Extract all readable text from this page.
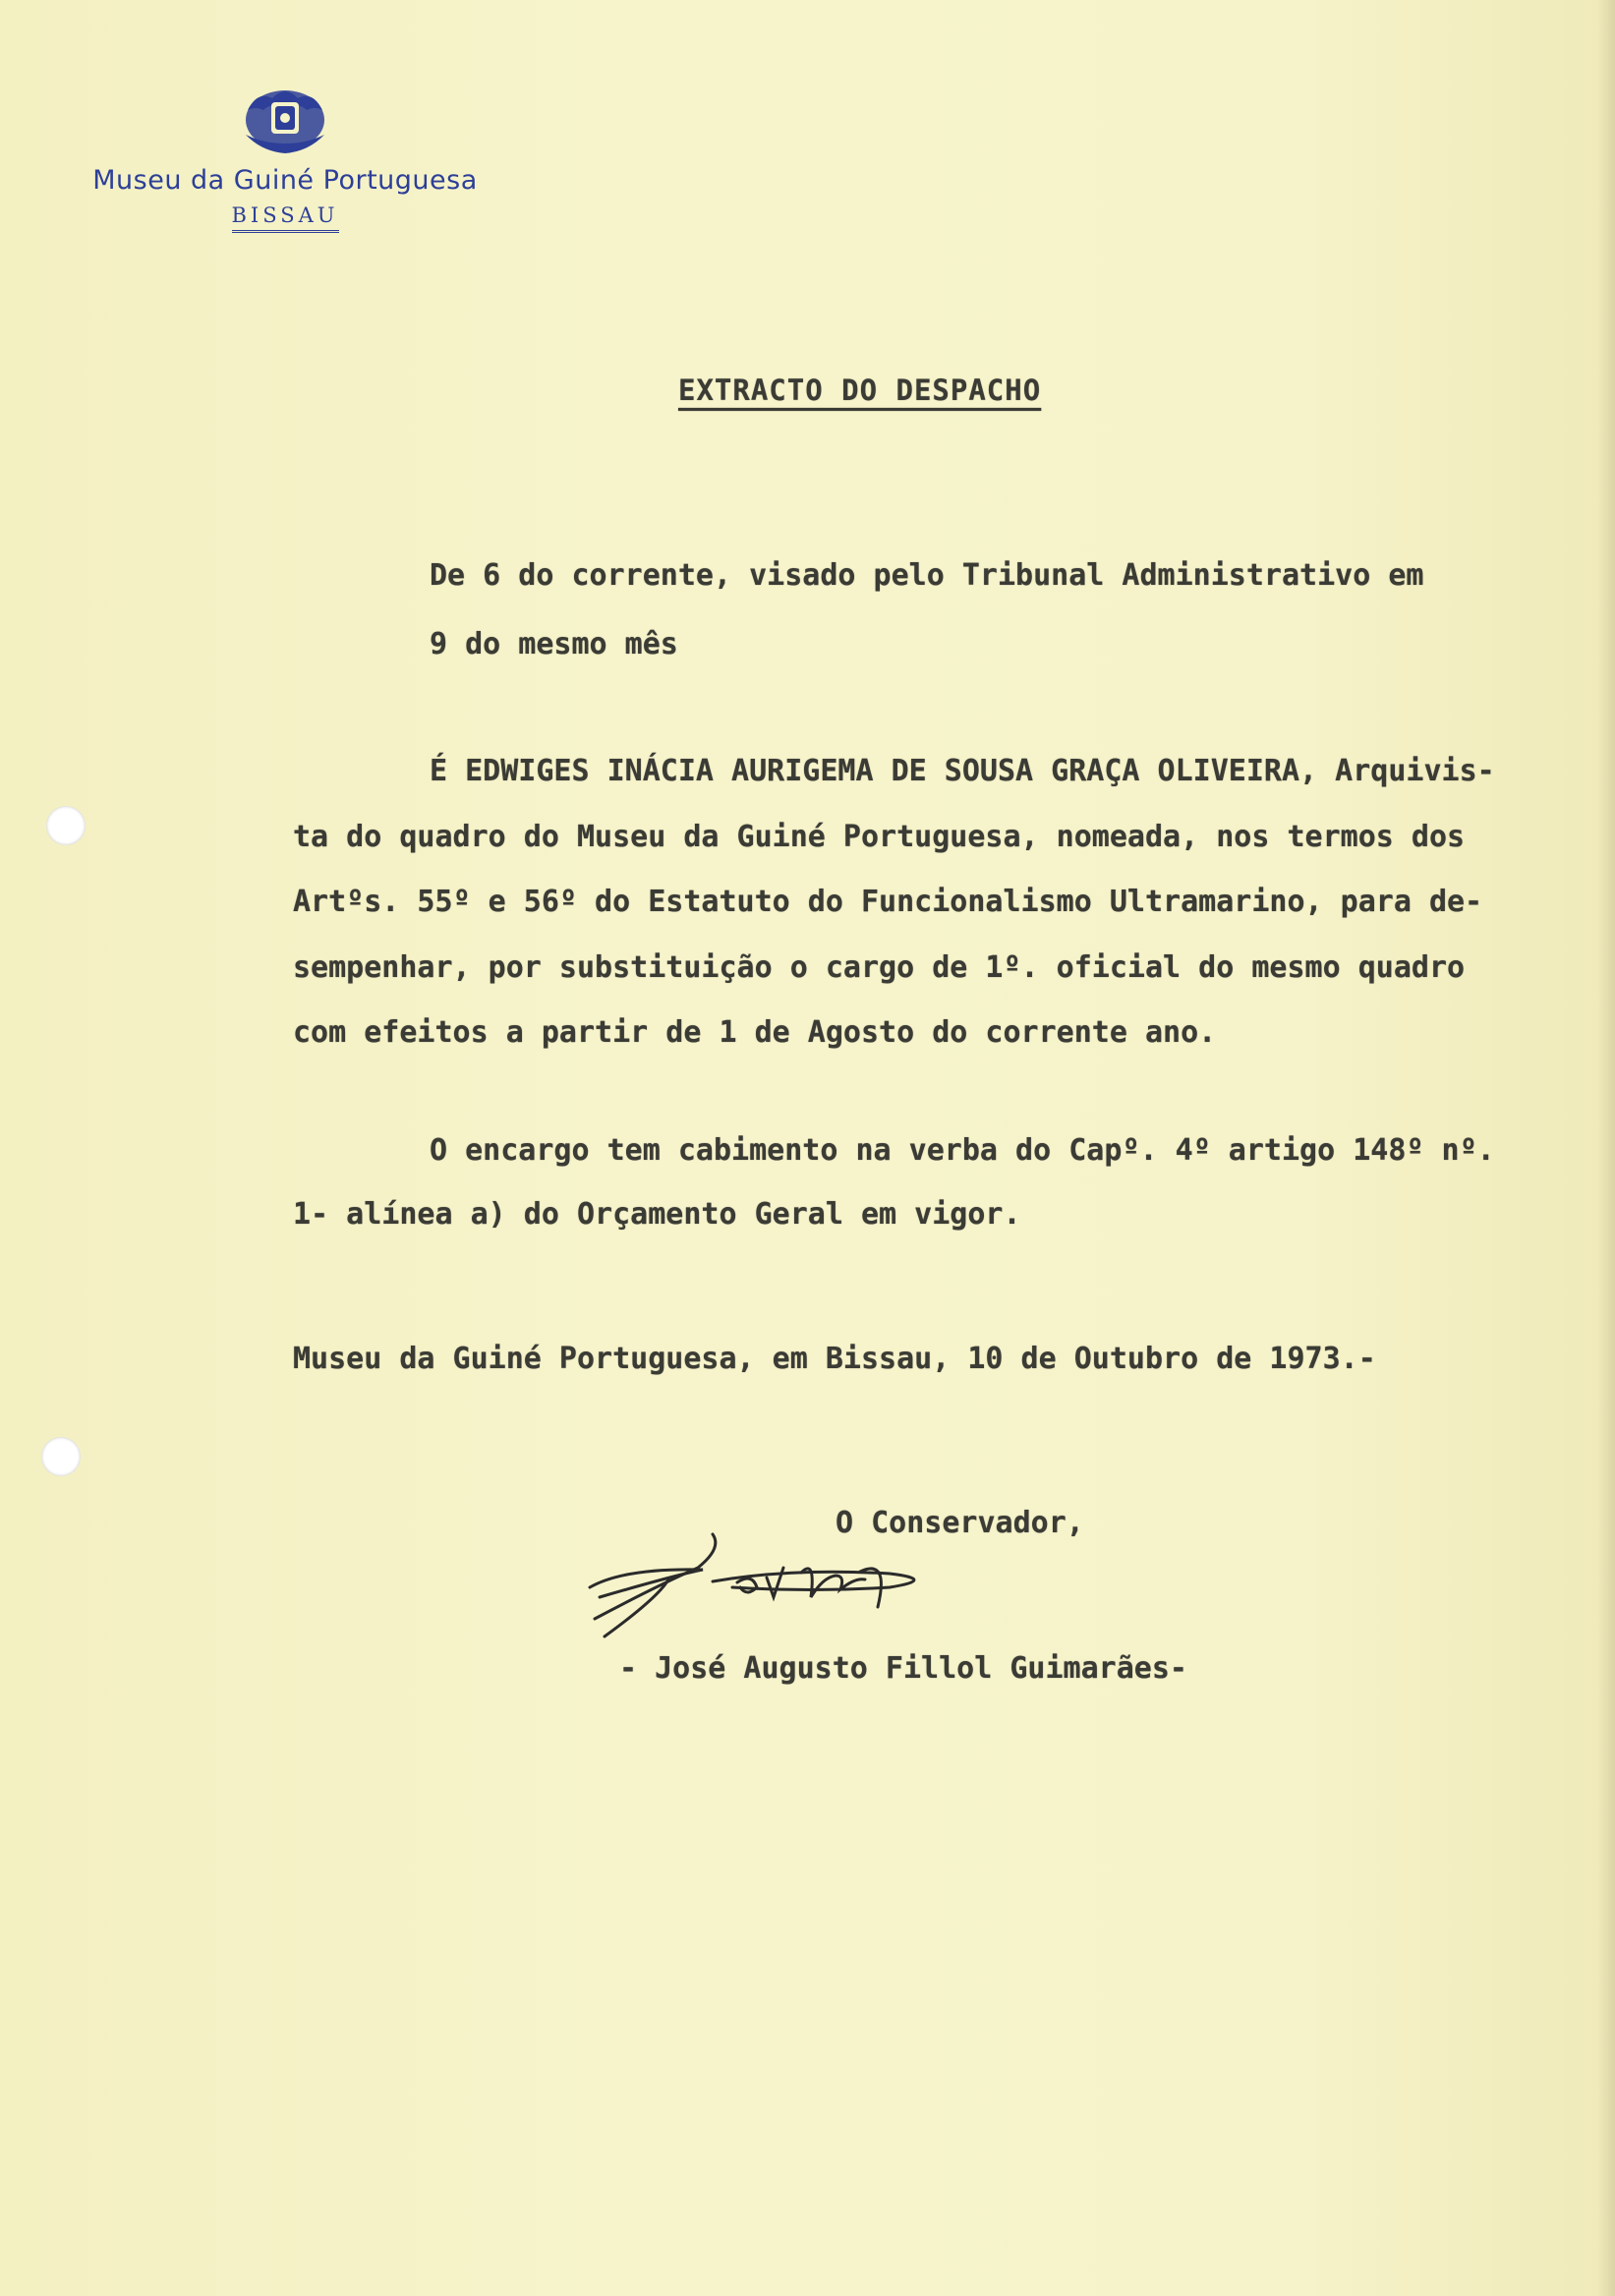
Museu da Guiné Portuguesa
BISSAU
EXTRACTO DO DESPACHO
De 6 do corrente, visado pelo Tribunal Administrativo em
9 do mesmo mês
É EDWIGES INÁCIA AURIGEMA DE SOUSA GRAÇA OLIVEIRA, Arquivis-
ta do quadro do Museu da Guiné Portuguesa, nomeada, nos termos dos
Artºs. 55º e 56º do Estatuto do Funcionalismo Ultramarino, para de-
sempenhar, por substituição o cargo de 1º. oficial do mesmo quadro
com efeitos a partir de 1 de Agosto do corrente ano.
O encargo tem cabimento na verba do Capº. 4º artigo 148º nº.
1- alínea a) do Orçamento Geral em vigor.
Museu da Guiné Portuguesa, em Bissau, 10 de Outubro de 1973.-
O Conservador,
- José Augusto Fillol Guimarães-
